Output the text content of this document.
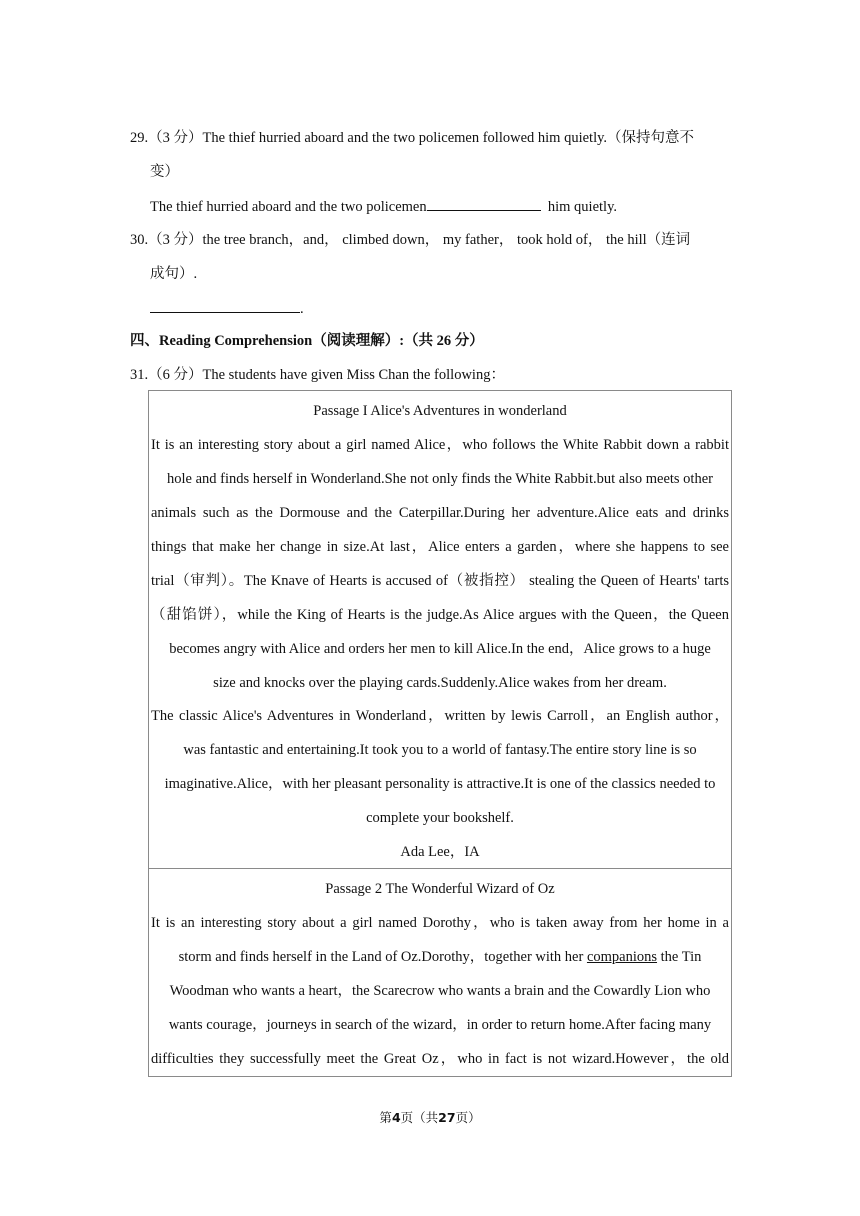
29.（3 分）The thief hurried aboard and the two policemen followed him quietly.（保持句意不
变）
The thief hurried aboard and the two policemen	him quietly.
30.（3 分）the tree branch，and， climbed down， my father， took hold of， the hill（连词
成句）.
.
四、Reading Comprehension（阅读理解）:（共 26 分）
31.（6 分）The students have given Miss Chan the following：
Passage I Alice's Adventures in wonderland
It is an interesting story about a girl named Alice，who follows the White Rabbit down a rabbit
hole and finds herself in Wonderland.She not only finds the White Rabbit.but also meets other
animals such as the Dormouse and the Caterpillar.During her adventure.Alice eats and drinks
things that make her change in size.At last，Alice enters a garden，where she happens to see
trial（审判）。The Knave of Hearts is accused of（被指控） stealing the Queen of Hearts' tarts
（甜馅饼），while the King of Hearts is the judge.As Alice argues with the Queen，the Queen
becomes angry with Alice and orders her men to kill Alice.In the end，Alice grows to a huge
size and knocks over the playing cards.Suddenly.Alice wakes from her dream.
The classic Alice's Adventures in Wonderland，written by lewis Carroll，an English author，
was fantastic and entertaining.It took you to a world of fantasy.The entire story line is so
imaginative.Alice，with her pleasant personality is attractive.It is one of the classics needed to
complete your bookshelf.
Ada Lee，IA
Passage 2 The Wonderful Wizard of Oz
It is an interesting story about a girl named Dorothy，who is taken away from her home in a
storm and finds herself in the Land of Oz.Dorothy，together with her companions the Tin
Woodman who wants a heart，the Scarecrow who wants a brain and the Cowardly Lion who
wants courage，journeys in search of the wizard，in order to return home.After facing many
difficulties they successfully meet the Great Oz，who in fact is not wizard.However，the old
第4页（共27页）
